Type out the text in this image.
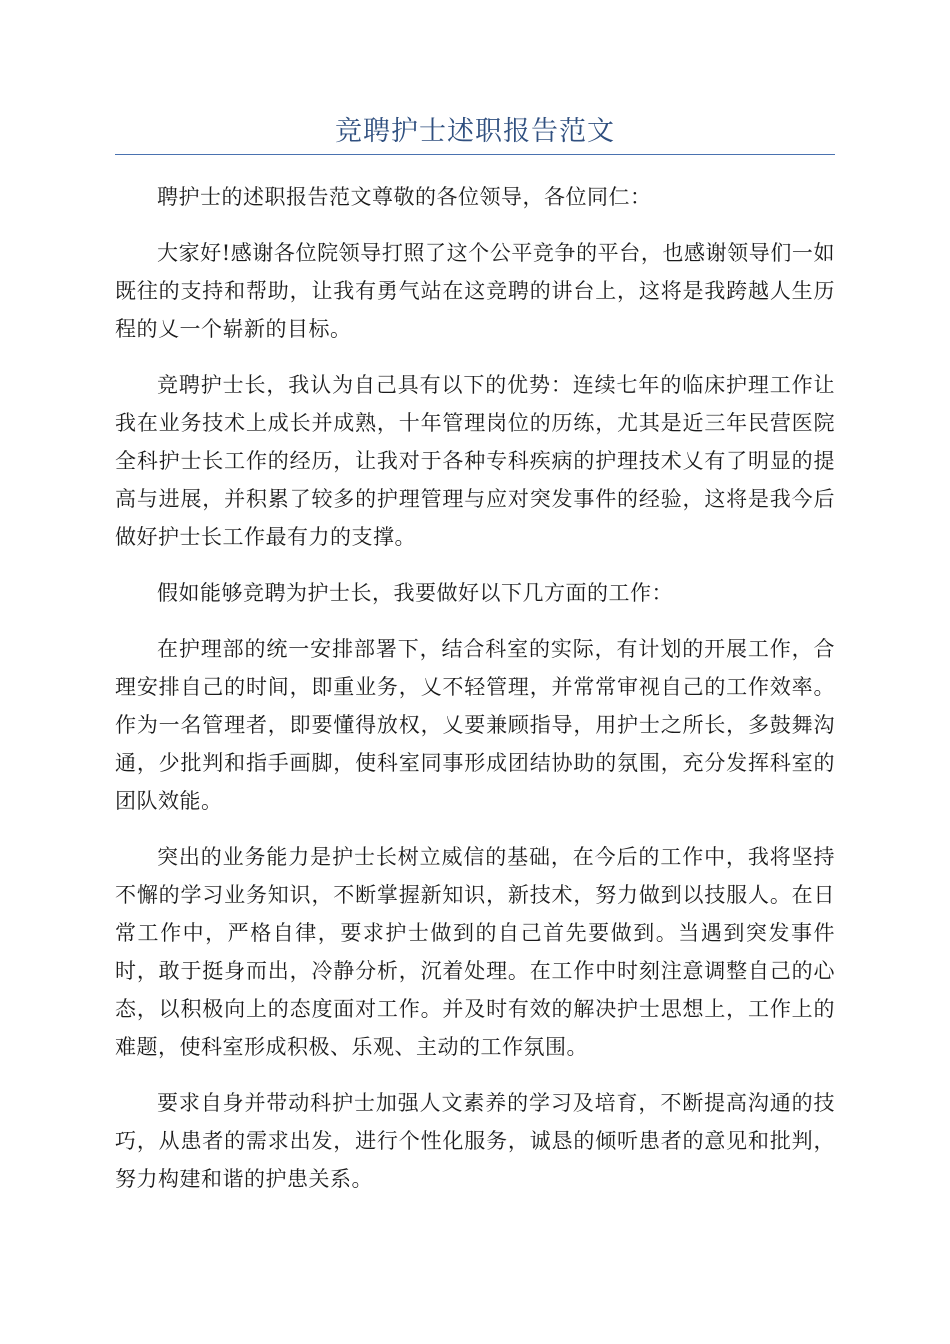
竞聘护士述职报告范文

聘护士的述职报告范文尊敬的各位领导，各位同仁：

大家好!感谢各位院领导打照了这个公平竞争的平台，也感谢领导们一如既往的支持和帮助，让我有勇气站在这竞聘的讲台上，这将是我跨越人生历程的乂一个崭新的目标。

竞聘护士长，我认为自己具有以下的优势：连续七年的临床护理工作让我在业务技术上成长并成熟，十年管理岗位的历练，尤其是近三年民营医院全科护士长工作的经历，让我对于各种专科疾病的护理技术乂有了明显的提高与进展，并积累了较多的护理管理与应对突发事件的经验，这将是我今后做好护士长工作最有力的支撑。

假如能够竞聘为护士长，我要做好以下几方面的工作：

在护理部的统一安排部署下，结合科室的实际，有计划的开展工作，合理安排自己的时间，即重业务，乂不轻管理，并常常审视自己的工作效率。作为一名管理者，即要懂得放权，乂要兼顾指导，用护士之所长，多鼓舞沟通，少批判和指手画脚，使科室同事形成团结协助的氛围，充分发挥科室的团队效能。

突出的业务能力是护士长树立威信的基础，在今后的工作中，我将坚持不懈的学习业务知识，不断掌握新知识，新技术，努力做到以技服人。在日常工作中，严格自律，要求护士做到的自己首先要做到。当遇到突发事件时，敢于挺身而出，冷静分析，沉着处理。在工作中时刻注意调整自己的心态，以积极向上的态度面对工作。并及时有效的解决护士思想上，工作上的难题，使科室形成积极、乐观、主动的工作氛围。

要求自身并带动科护士加强人文素养的学习及培育，不断提高沟通的技巧，从患者的需求出发，进行个性化服务，诚恳的倾听患者的意见和批判，努力构建和谐的护患关系。
